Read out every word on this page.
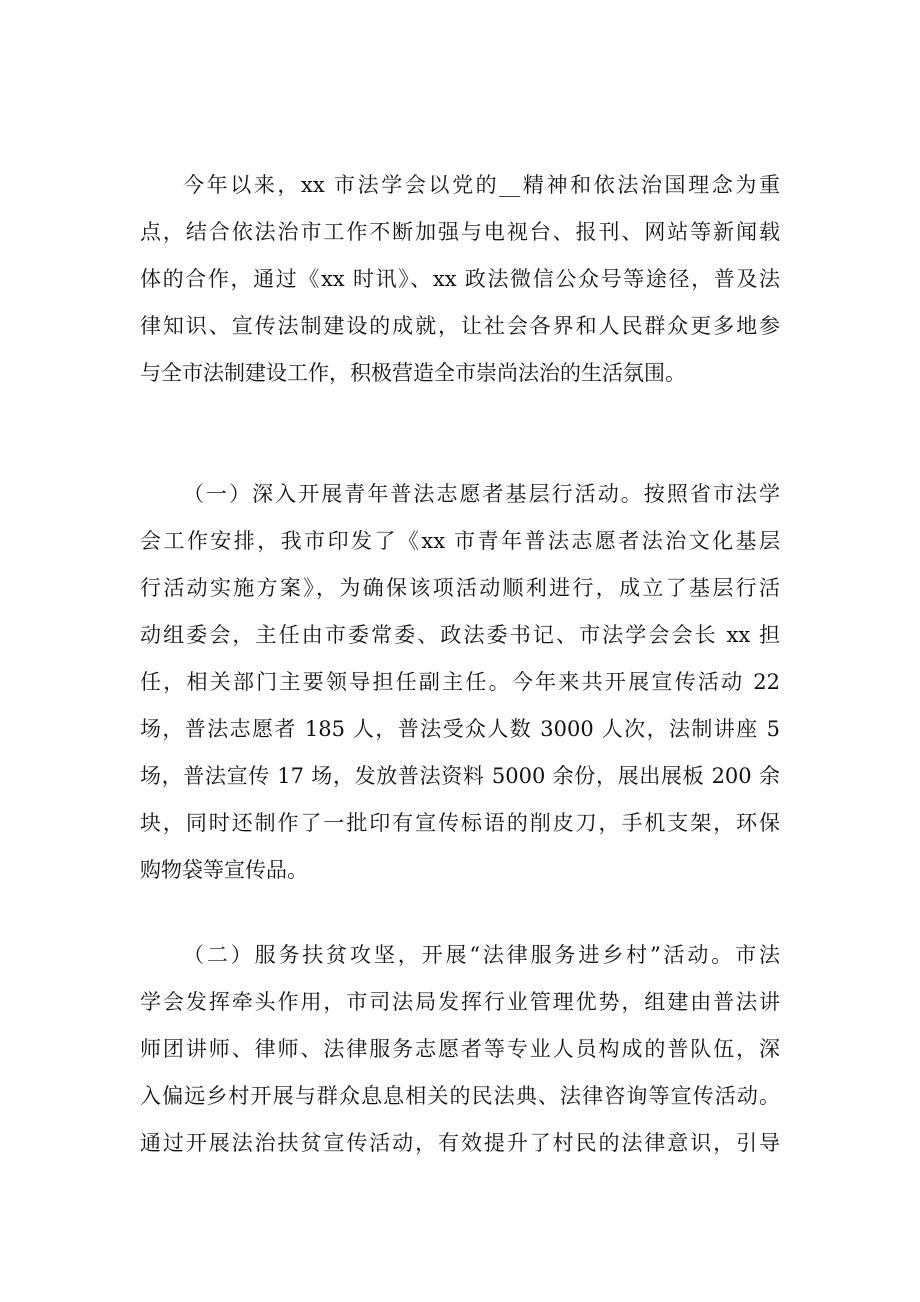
今年以来，xx 市法学会以党的__精神和依法治国理念为重
点，结合依法治市工作不断加强与电视台、报刊、网站等新闻载
体的合作，通过《xx 时讯》、xx 政法微信公众号等途径，普及法
律知识、宣传法制建设的成就，让社会各界和人民群众更多地参
与全市法制建设工作，积极营造全市崇尚法治的生活氛围。
（一）深入开展青年普法志愿者基层行活动。按照省市法学
会工作安排，我市印发了《xx 市青年普法志愿者法治文化基层
行活动实施方案》，为确保该项活动顺利进行，成立了基层行活
动组委会，主任由市委常委、政法委书记、市法学会会长 xx 担
任，相关部门主要领导担任副主任。今年来共开展宣传活动 22
场，普法志愿者 185 人，普法受众人数 3000 人次，法制讲座 5
场，普法宣传 17 场，发放普法资料 5000 余份，展出展板 200 余
块，同时还制作了一批印有宣传标语的削皮刀，手机支架，环保
购物袋等宣传品。
（二）服务扶贫攻坚，开展“法律服务进乡村”活动。市法
学会发挥牵头作用，市司法局发挥行业管理优势，组建由普法讲
师团讲师、律师、法律服务志愿者等专业人员构成的普队伍，深
入偏远乡村开展与群众息息相关的民法典、法律咨询等宣传活动。
通过开展法治扶贫宣传活动，有效提升了村民的法律意识，引导
